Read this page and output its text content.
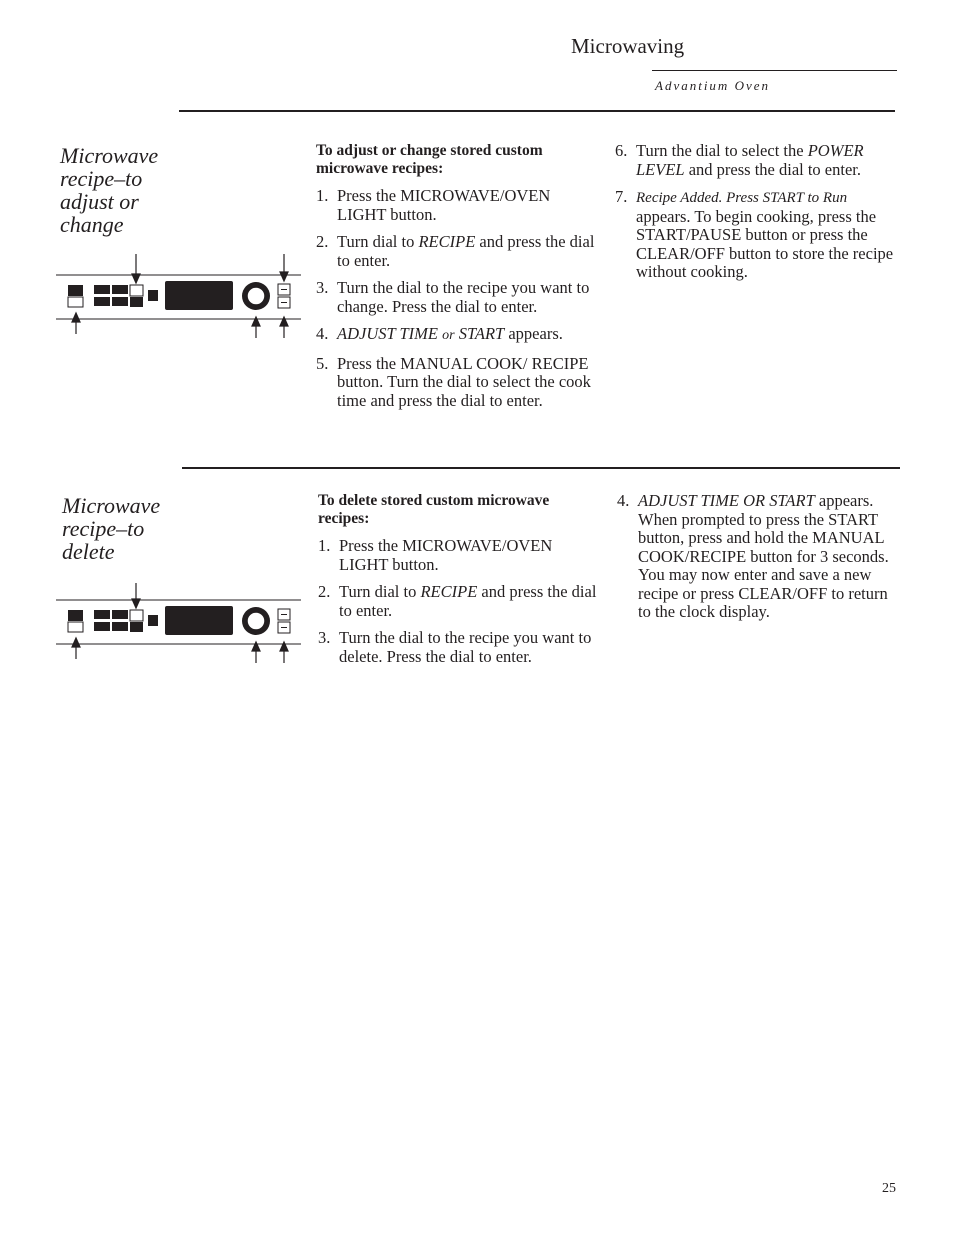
Microwaving
Advantium Oven
Microwave recipe–to adjust or change
To adjust or change stored custom microwave recipes:
1. Press the MICROWAVE/OVEN LIGHT button.
2. Turn dial to RECIPE and press the dial to enter.
3. Turn the dial to the recipe you want to change. Press the dial to enter.
4. ADJUST TIME or START appears.
5. Press the MANUAL COOK/ RECIPE button. Turn the dial to select the cook time and press the dial to enter.
6. Turn the dial to select the POWER LEVEL and press the dial to enter.
7. Recipe Added. Press START to Run appears. To begin cooking, press the START/PAUSE button or press the CLEAR/OFF button to store the recipe without cooking.
Microwave recipe–to delete
To delete stored custom microwave recipes:
1. Press the MICROWAVE/OVEN LIGHT button.
2. Turn dial to RECIPE and press the dial to enter.
3. Turn the dial to the recipe you want to delete. Press the dial to enter.
4. ADJUST TIME OR START appears. When prompted to press the START button, press and hold the MANUAL COOK/RECIPE button for 3 seconds. You may now enter and save a new recipe or press CLEAR/OFF to return to the clock display.
25
